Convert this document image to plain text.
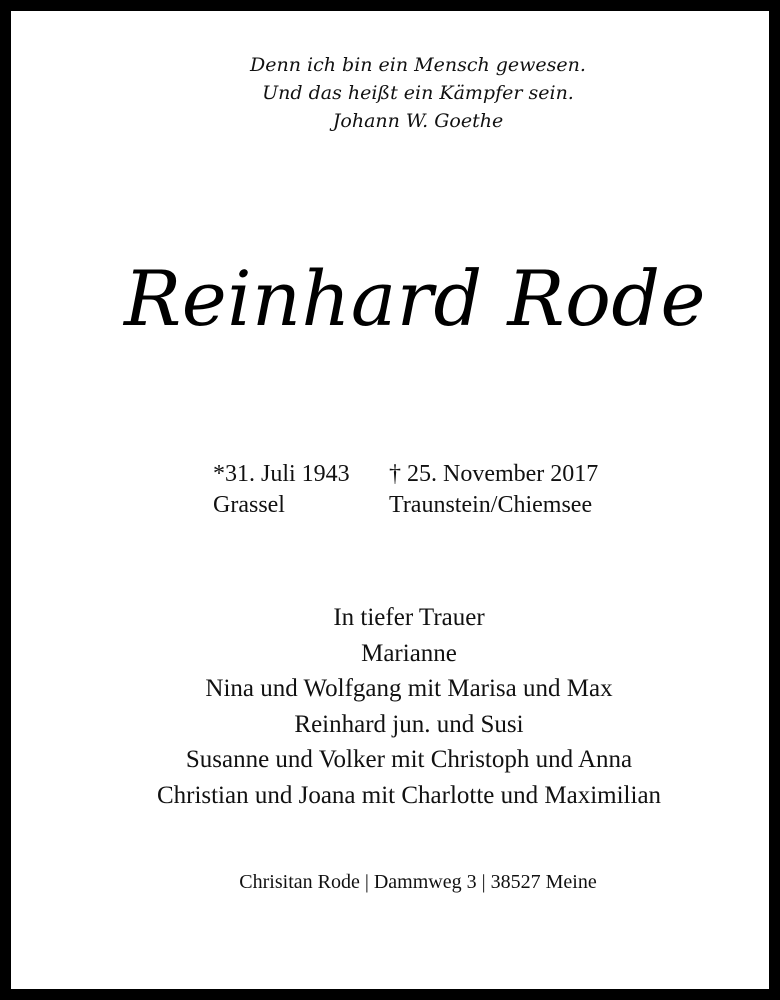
Denn ich bin ein Mensch gewesen.
Und das heißt ein Kämpfer sein.
Johann W. Goethe
Reinhard Rode
*31. Juli 1943
Grassel
† 25. November 2017
Traunstein/Chiemsee
In tiefer Trauer
Marianne
Nina und Wolfgang mit Marisa und Max
Reinhard jun. und Susi
Susanne und Volker mit Christoph und Anna
Christian und Joana mit Charlotte und Maximilian
Chrisitan Rode | Dammweg 3 | 38527 Meine
